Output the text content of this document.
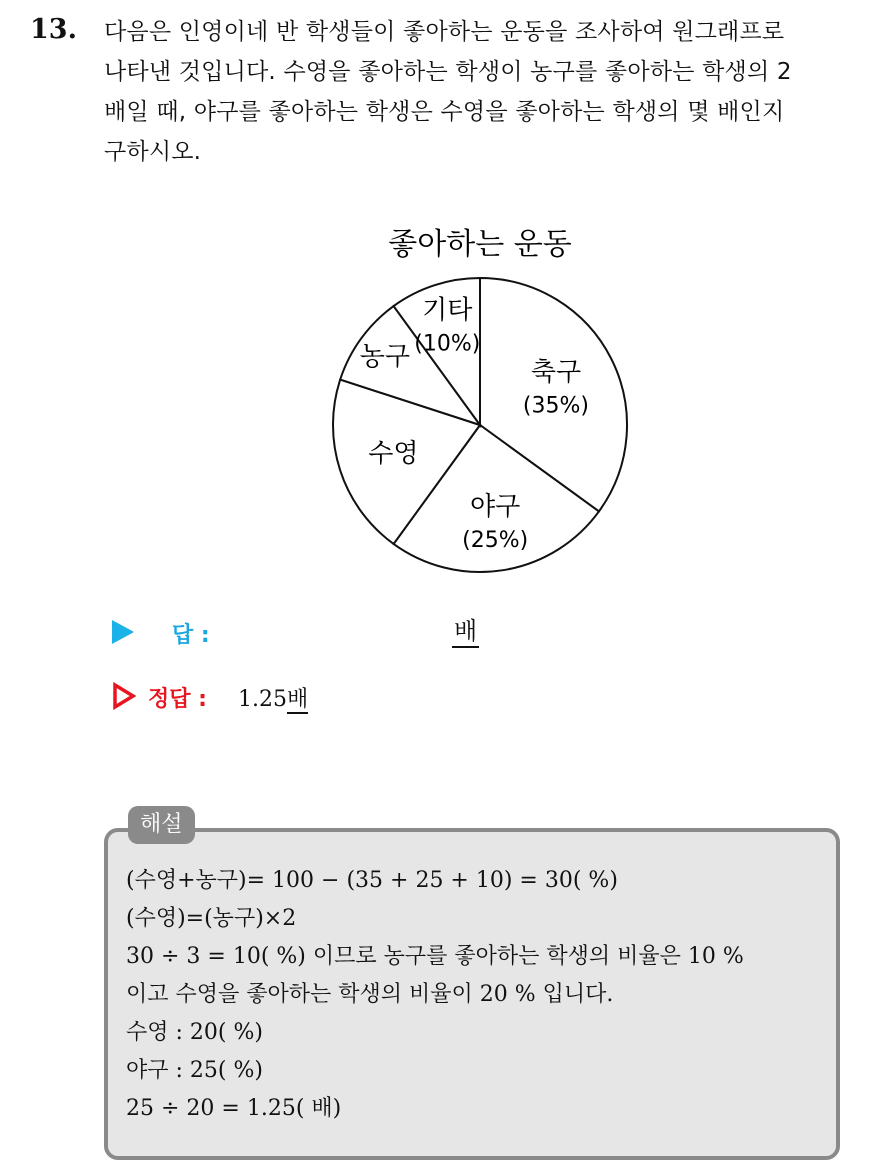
13. 다음은 인영이네 반 학생들이 좋아하는 운동을 조사하여 원그래프로
나타낸 것입니다. 수영을 좋아하는 학생이 농구를 좋아하는 학생의 2
배일 때, 야구를 좋아하는 학생은 수영을 좋아하는 학생의 몇 배인지
구하시오.
좋아하는 운동
축구
(35%)
야구
(25%)
수영
농구
기타
(10%)
답 :	배
정답 : 1.25배
해설
(수영+농구)= 100 − (35 + 25 + 10) = 30( %)
(수영)=(농구)×2
30 ÷ 3 = 10( %) 이므로 농구를 좋아하는 학생의 비율은 10 %
이고 수영을 좋아하는 학생의 비율이 20 % 입니다.
수영 : 20( %)
야구 : 25( %)
25 ÷ 20 = 1.25( 배)
